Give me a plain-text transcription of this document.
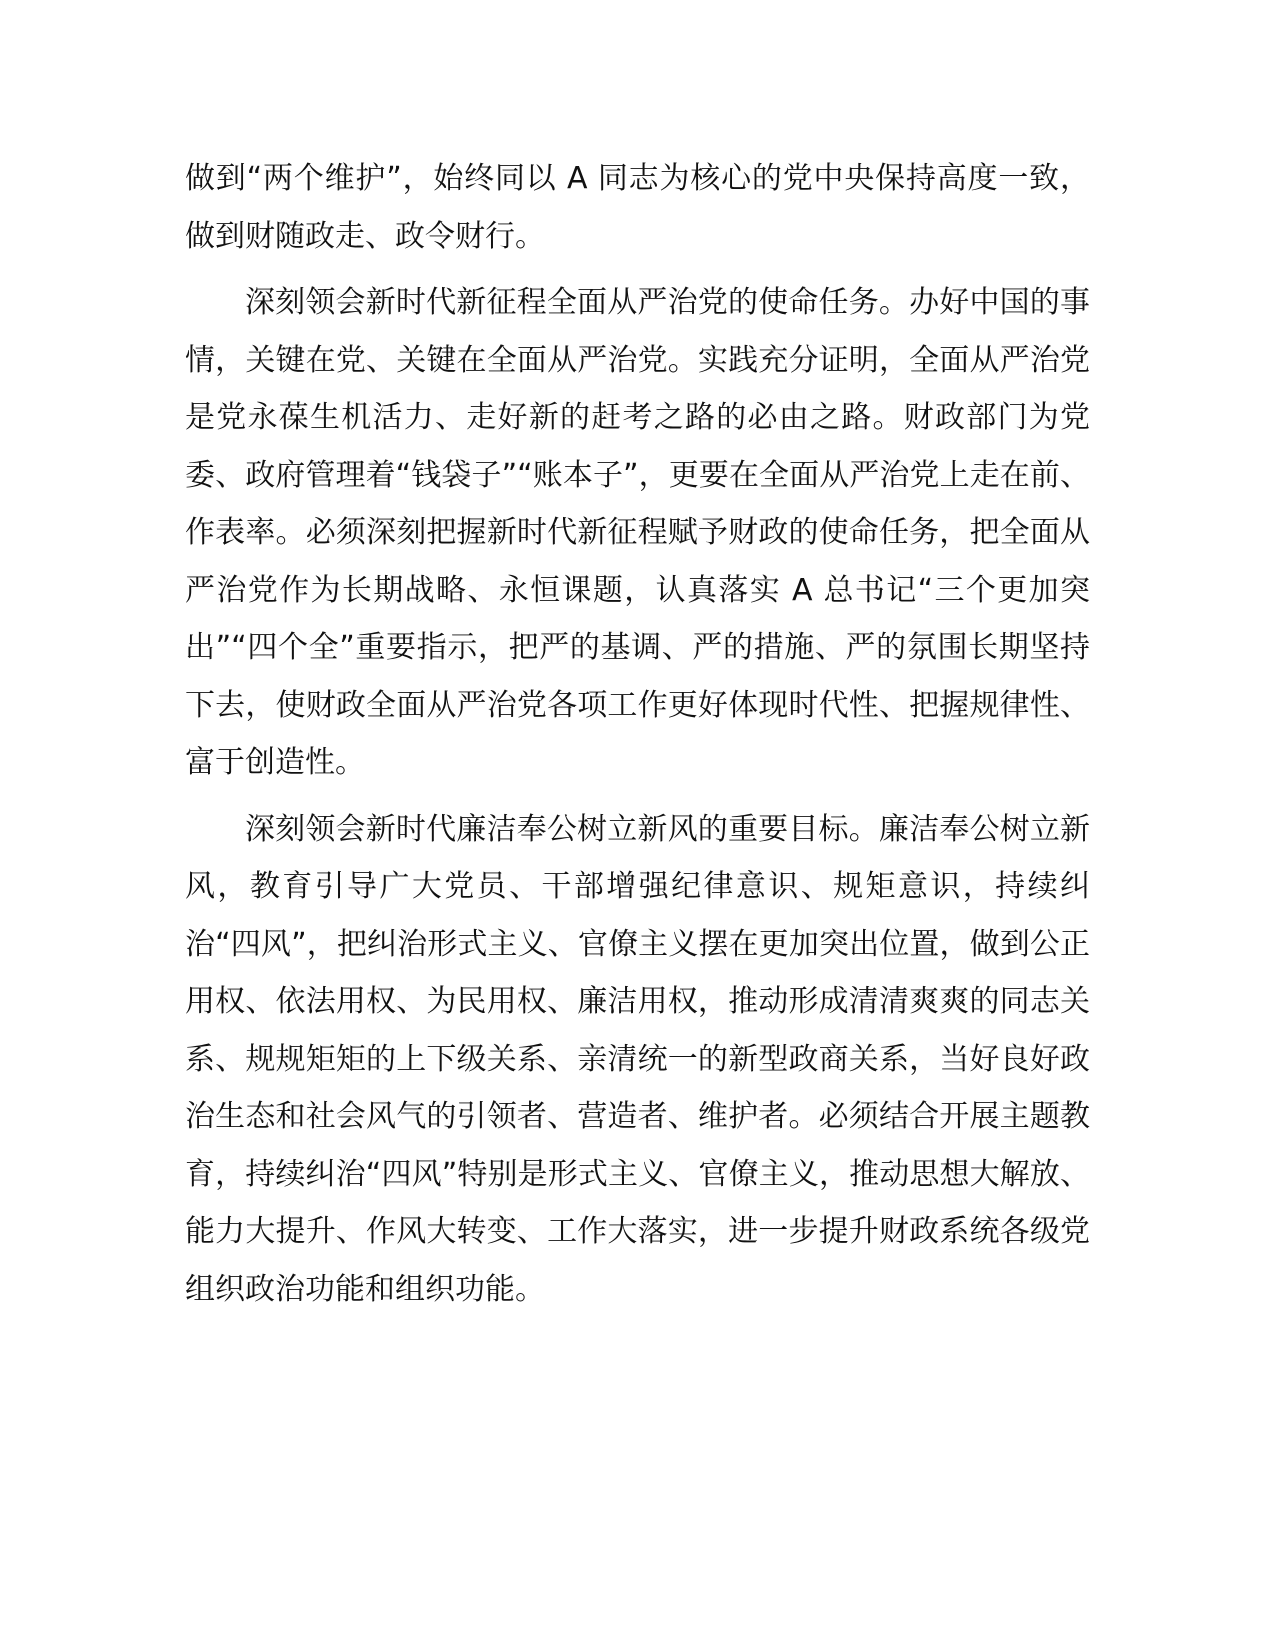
做到“两个维护”，始终同以 A 同志为核心的党中央保持高度一致，做到财随政走、政令财行。

深刻领会新时代新征程全面从严治党的使命任务。办好中国的事情，关键在党、关键在全面从严治党。实践充分证明，全面从严治党是党永葆生机活力、走好新的赶考之路的必由之路。财政部门为党委、政府管理着“钱袋子”“账本子”，更要在全面从严治党上走在前、作表率。必须深刻把握新时代新征程赋予财政的使命任务，把全面从严治党作为长期战略、永恒课题，认真落实 A 总书记“三个更加突出”“四个全”重要指示，把严的基调、严的措施、严的氛围长期坚持下去，使财政全面从严治党各项工作更好体现时代性、把握规律性、富于创造性。

深刻领会新时代廉洁奉公树立新风的重要目标。廉洁奉公树立新风，教育引导广大党员、干部增强纪律意识、规矩意识，持续纠治“四风”，把纠治形式主义、官僚主义摆在更加突出位置，做到公正用权、依法用权、为民用权、廉洁用权，推动形成清清爽爽的同志关系、规规矩矩的上下级关系、亲清统一的新型政商关系，当好良好政治生态和社会风气的引领者、营造者、维护者。必须结合开展主题教育，持续纠治“四风”特别是形式主义、官僚主义，推动思想大解放、能力大提升、作风大转变、工作大落实，进一步提升财政系统各级党组织政治功能和组织功能。
